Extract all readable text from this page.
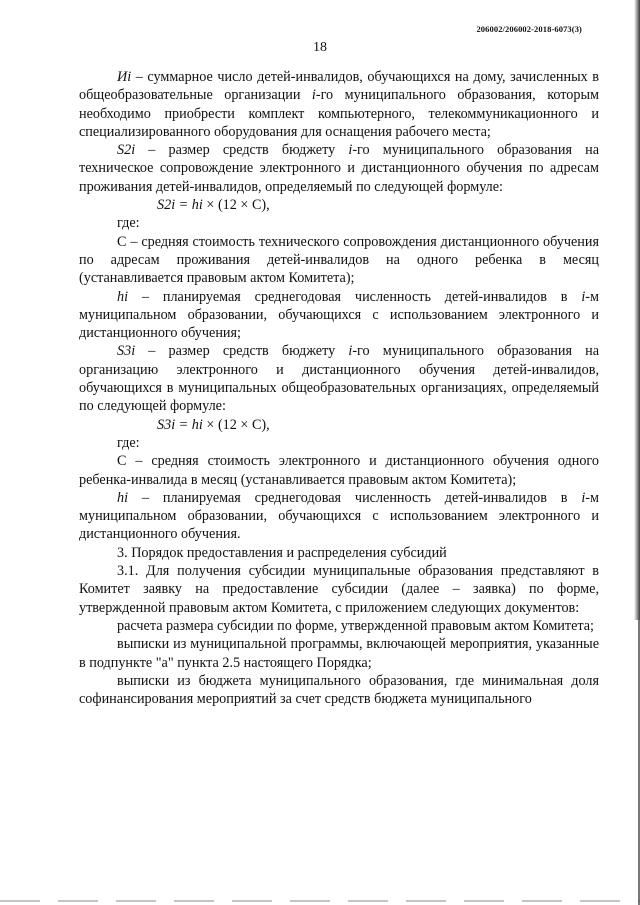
206002/206002-2018-6073(3)
18

Иi – суммарное число детей-инвалидов, обучающихся на дому, зачисленных в общеобразовательные организации i-го муниципального образования, которым необходимо приобрести комплект компьютерного, телекоммуникационного и специализированного оборудования для оснащения рабочего места;

S2i – размер средств бюджету i-го муниципального образования на техническое сопровождение электронного и дистанционного обучения по адресам проживания детей-инвалидов, определяемый по следующей формуле:

S2i = hi × (12 × С),

где:

С – средняя стоимость технического сопровождения дистанционного обучения по адресам проживания детей-инвалидов на одного ребенка в месяц (устанавливается правовым актом Комитета);

hi – планируемая среднегодовая численность детей-инвалидов в i-м муниципальном образовании, обучающихся с использованием электронного и дистанционного обучения;

S3i – размер средств бюджету i-го муниципального образования на организацию электронного и дистанционного обучения детей-инвалидов, обучающихся в муниципальных общеобразовательных организациях, определяемый по следующей формуле:

S3i = hi × (12 × С),

где:

С – средняя стоимость электронного и дистанционного обучения одного ребенка-инвалида в месяц (устанавливается правовым актом Комитета);

hi – планируемая среднегодовая численность детей-инвалидов в i-м муниципальном образовании, обучающихся с использованием электронного и дистанционного обучения.

3. Порядок предоставления и распределения субсидий

3.1. Для получения субсидии муниципальные образования представляют в Комитет заявку на предоставление субсидии (далее – заявка) по форме, утвержденной правовым актом Комитета, с приложением следующих документов:

расчета размера субсидии по форме, утвержденной правовым актом Комитета;

выписки из муниципальной программы, включающей мероприятия, указанные в подпункте "а" пункта 2.5 настоящего Порядка;

выписки из бюджета муниципального образования, где минимальная доля софинансирования мероприятий за счет средств бюджета муниципального
